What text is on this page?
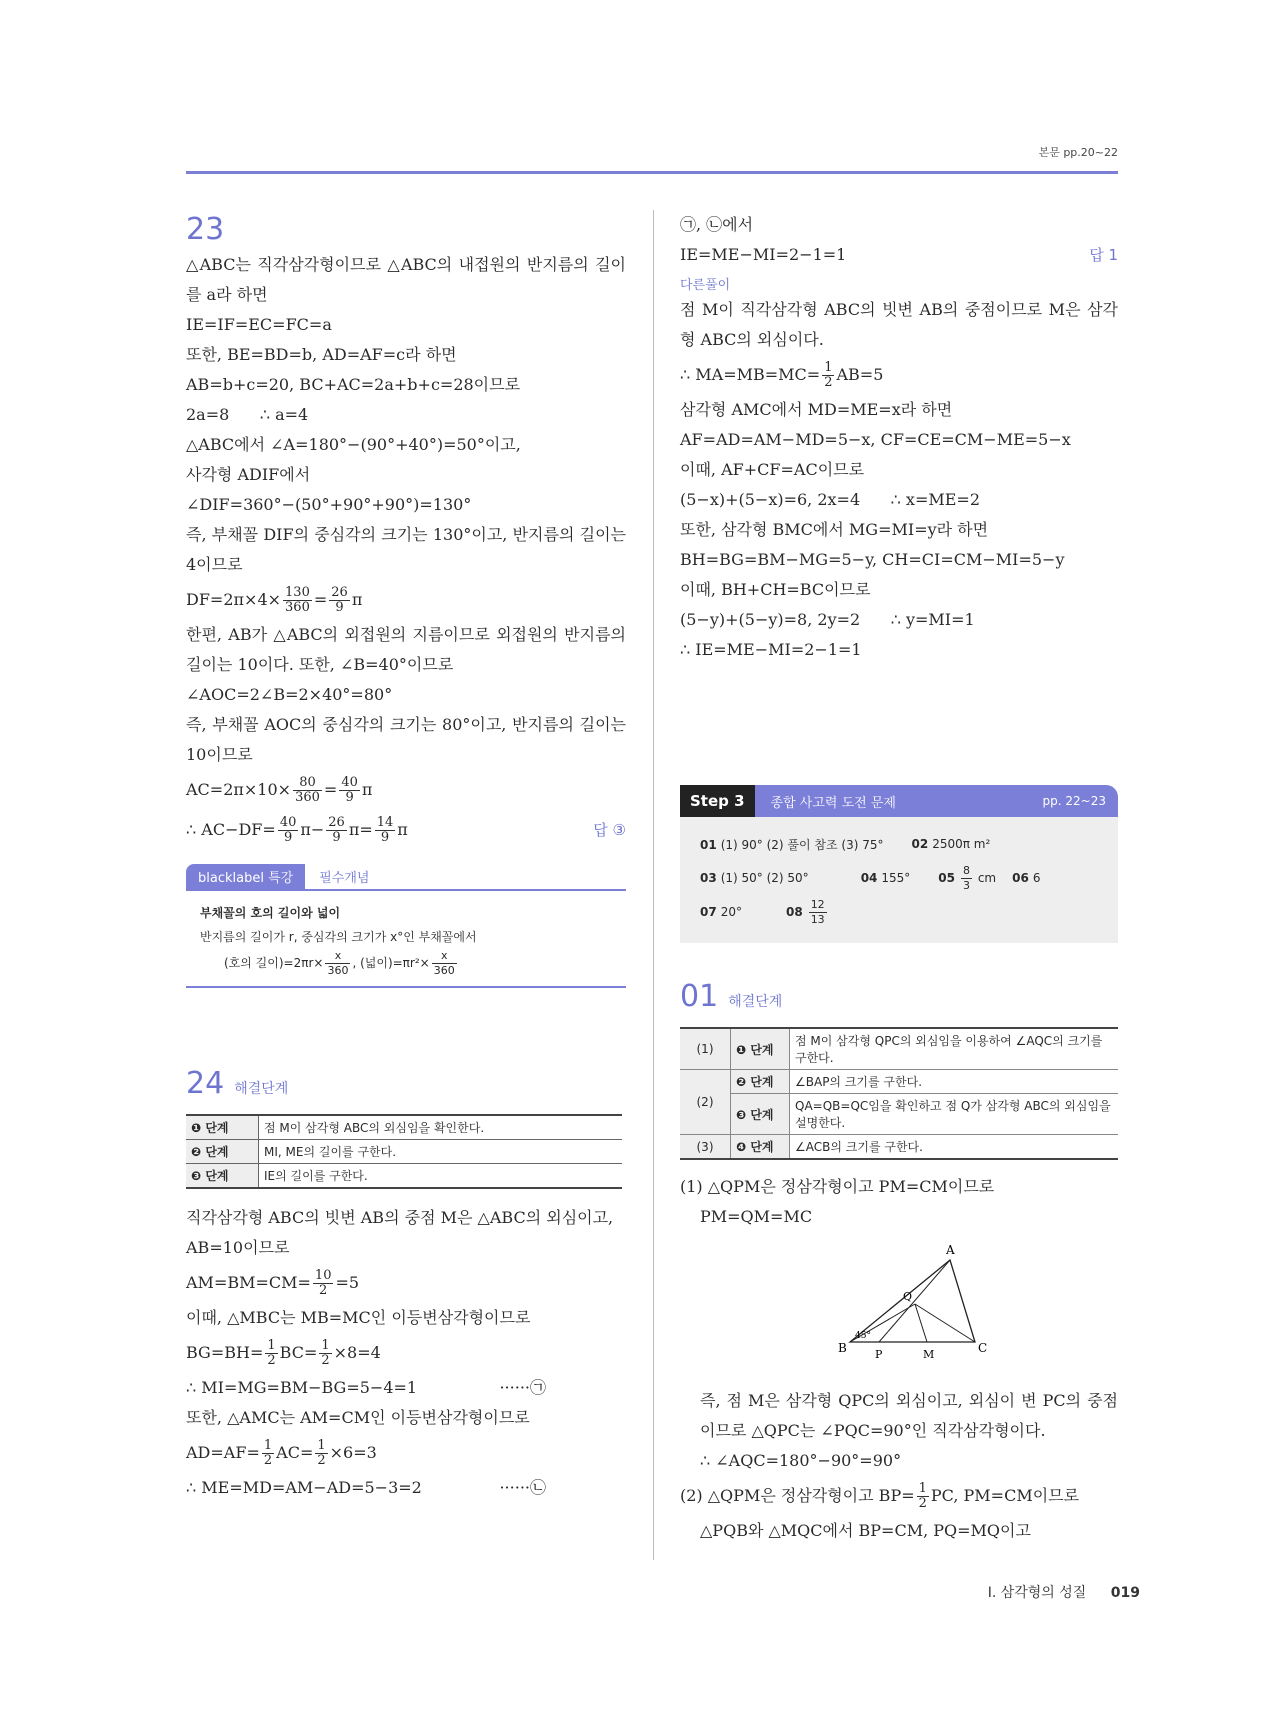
본문 pp.20~22
23
△ABC는 직각삼각형이므로 △ABC의 내접원의 반지름의 길이를 a라 하면
IE=IF=EC=FC=a
또한, BE=BD=b, AD=AF=c라 하면
AB=b+c=20, BC+AC=2a+b+c=28이므로
2a=8      ∴ a=4
△ABC에서 ∠A=180°−(90°+40°)=50°이고,
사각형 ADIF에서
∠DIF=360°−(50°+90°+90°)=130°
즉, 부채꼴 DIF의 중심각의 크기는 130°이고, 반지름의 길이는 4이므로
$DF=2\pi\times 4\times \frac{130}{360} = \frac{26}{9}$ π
한편, AB가 △ABC의 외접원의 지름이므로 외접원의 반지름의 길이는 10이다. 또한, ∠B=40°이므로
∠AOC=2∠B=2×40°=80°
즉, 부채꼴 AOC의 중심각의 크기는 80°이고, 반지름의 길이는 10이므로
$AC=2\pi\times 10\times \frac{80}{360} = \frac{40}{9}$ π
∴ $AC-DF= \frac{40}{9} \pi- \frac{26}{9} \pi= \frac{14}{9}$ π	답 ③
blacklabel 특강	필수개념
부채꼴의 호의 길이와 넓이
반지름의 길이가 r, 중심각의 크기가 x°인 부채꼴에서
(호의 길이)$=2\pi r\times \frac{x}{360}$ , (넓이)$=\pi r^2\times \frac{x}{360}$
24 해결단계
❶ 단계	점 M이 삼각형 ABC의 외심임을 확인한다.
❷ 단계	MI, ME의 길이를 구한다.
❸ 단계	IE의 길이를 구한다.
직각삼각형 ABC의 빗변 AB의 중점 M은 △ABC의 외심이고,
AB=10이므로
$AM=BM=CM= \frac{10}{2} =5$
이때, △MBC는 MB=MC인 이등변삼각형이므로
$BG=BH= \frac{1}{2} BC= \frac{1}{2} \times 8=4$
∴ MI=MG=BM−BG=5−4=1	······㉠
또한, △AMC는 AM=CM인 이등변삼각형이므로
$AD=AF= \frac{1}{2} AC= \frac{1}{2} \times 6=3$
∴ ME=MD=AM−AD=5−3=2	······㉡
㉠, ㉡에서
IE=ME−MI=2−1=1	답 1
다른풀이
점 M이 직각삼각형 ABC의 빗변 AB의 중점이므로 M은 삼각형 ABC의 외심이다.
∴ $MA=MB=MC= \frac{1}{2} AB=5$
삼각형 AMC에서 MD=ME=x라 하면
AF=AD=AM−MD=5−x, CF=CE=CM−ME=5−x
이때, AF+CF=AC이므로
(5−x)+(5−x)=6, 2x=4      ∴ x=ME=2
또한, 삼각형 BMC에서 MG=MI=y라 하면
BH=BG=BM−MG=5−y, CH=CI=CM−MI=5−y
이때, BH+CH=BC이므로
(5−y)+(5−y)=8, 2y=2      ∴ y=MI=1
∴ IE=ME−MI=2−1=1
Step 3	종합 사고력 도전 문제	pp. 22~23
01 (1) 90° (2) 풀이 참조 (3) 75° 02 2500π m²
03 (1) 50° (2) 50°	04 155° $05 \frac{8}{3}$ cm 06 6
07 20°	$08 \frac{12}{13}$
01 해결단계
(1)	❶ 단계	점 M이 삼각형 QPC의 외심임을 이용하여 ∠AQC의 크기를 구한다.
(2)	❷ 단계	∠BAP의 크기를 구한다.
	❸ 단계	QA=QB=QC임을 확인하고 점 Q가 삼각형 ABC의 외심임을 설명한다.
(3)	❹ 단계	∠ACB의 크기를 구한다.
(1) △QPM은 정삼각형이고 PM=CM이므로
PM=QM=MC
A
B	C
P	M
Q
45°
즉, 점 M은 삼각형 QPC의 외심이고, 외심이 변 PC의 중점이므로 △QPC는 ∠PQC=90°인 직각삼각형이다.
∴ ∠AQC=180°−90°=90°
(2) △QPM은 정삼각형이고 $BP= \frac{1}{2}$ PC, PM=CM이므로
△PQB와 △MQC에서 BP=CM, PQ=MQ이고
I. 삼각형의 성질 019
